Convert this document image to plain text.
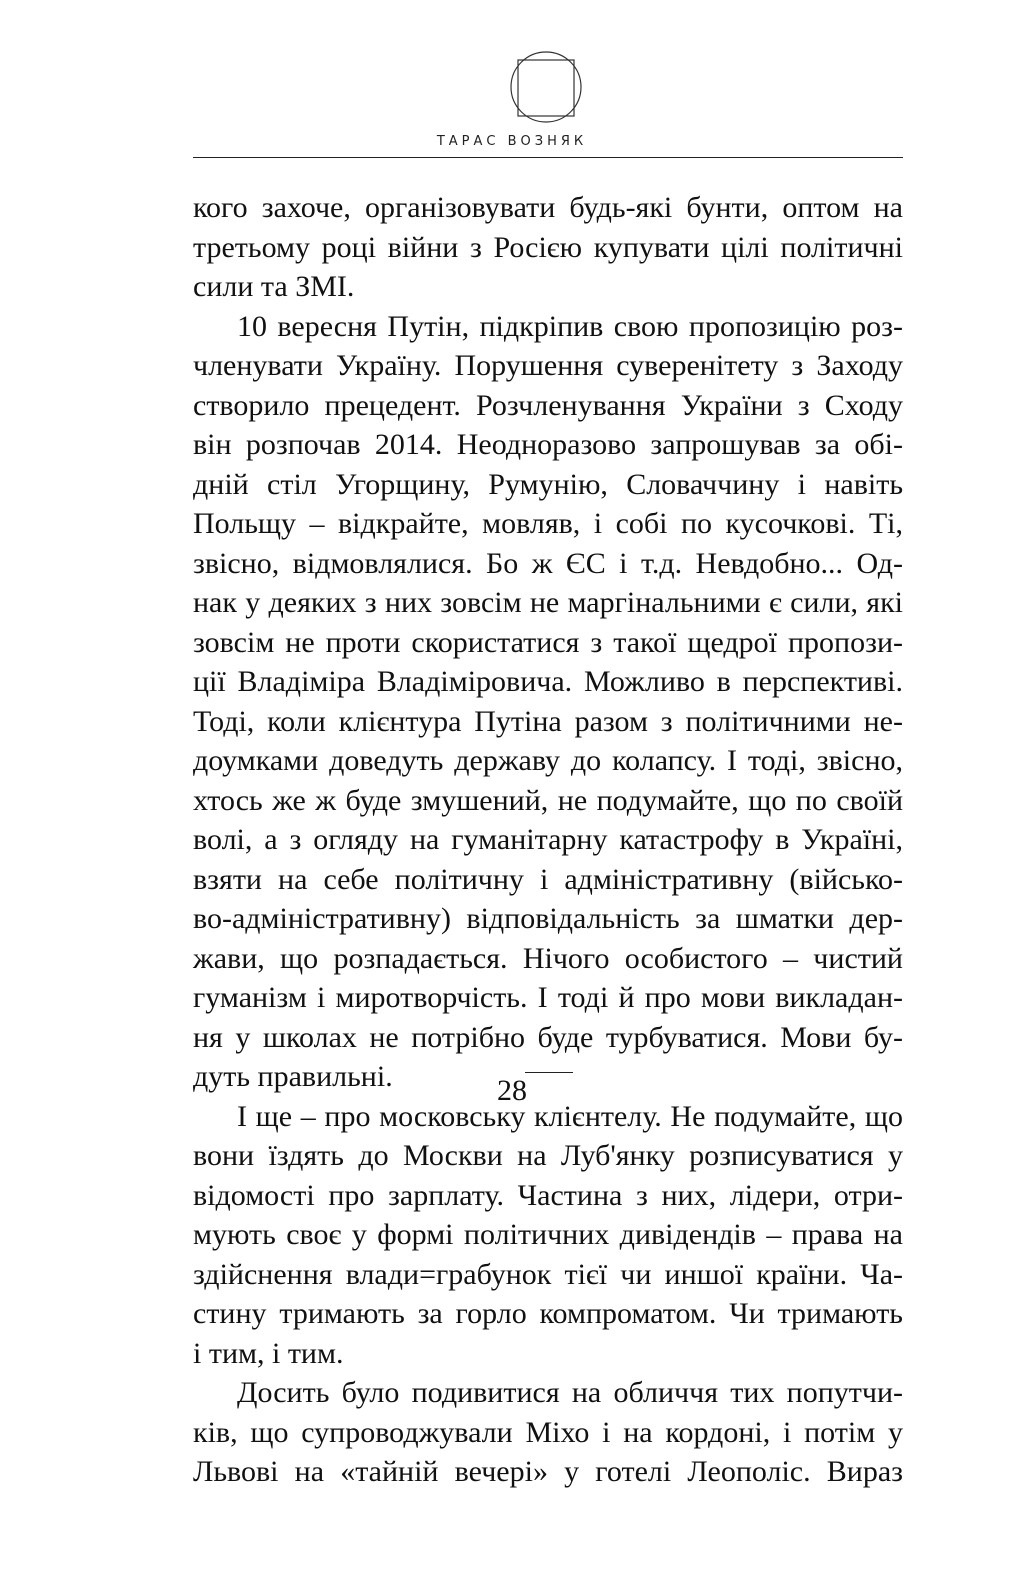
ТАРАС ВОЗНЯК
кого захоче, організовувати будь-які бунти, оптом на
третьому році війни з Росією купувати цілі політичні
сили та ЗМІ.
10 вересня Путін, підкріпив свою пропозицію роз-
членувати Україну. Порушення суверенітету з Заходу
створило прецедент. Розчленування України з Сходу
він розпочав 2014. Неодноразово запрошував за обі-
дній стіл Угорщину, Румунію, Словаччину і навіть
Польщу – відкрайте, мовляв, і собі по кусочкові. Ті,
звісно, відмовлялися. Бо ж ЄС і т.д. Невдобно... Од-
нак у деяких з них зовсім не маргінальними є сили, які
зовсім не проти скористатися з такої щедрої пропози-
ції Владіміра Владіміровича. Можливо в перспективі.
Тоді, коли клієнтура Путіна разом з політичними не-
доумками доведуть державу до колапсу. І тоді, звісно,
хтось же ж буде змушений, не подумайте, що по своїй
волі, а з огляду на гуманітарну катастрофу в Україні,
взяти на себе політичну і адміністративну (військо-
во-адміністративну) відповідальність за шматки дер-
жави, що розпадається. Нічого особистого – чистий
гуманізм і миротворчість. І тоді й про мови викладан-
ня у школах не потрібно буде турбуватися. Мови бу-
дуть правильні.
І ще – про московську клієнтелу. Не подумайте, що
вони їздять до Москви на Луб'янку розписуватися у
відомості про зарплату. Частина з них, лідери, отри-
мують своє у формі політичних дивідендів – права на
здійснення влади=грабунок тієї чи иншої країни. Ча-
стину тримають за горло компроматом. Чи тримають
і тим, і тим.
Досить було подивитися на обличчя тих попутчи-
ків, що супроводжували Міхо і на кордоні, і потім у
Львові на «тайній вечері» у готелі Леополіс. Вираз
28
